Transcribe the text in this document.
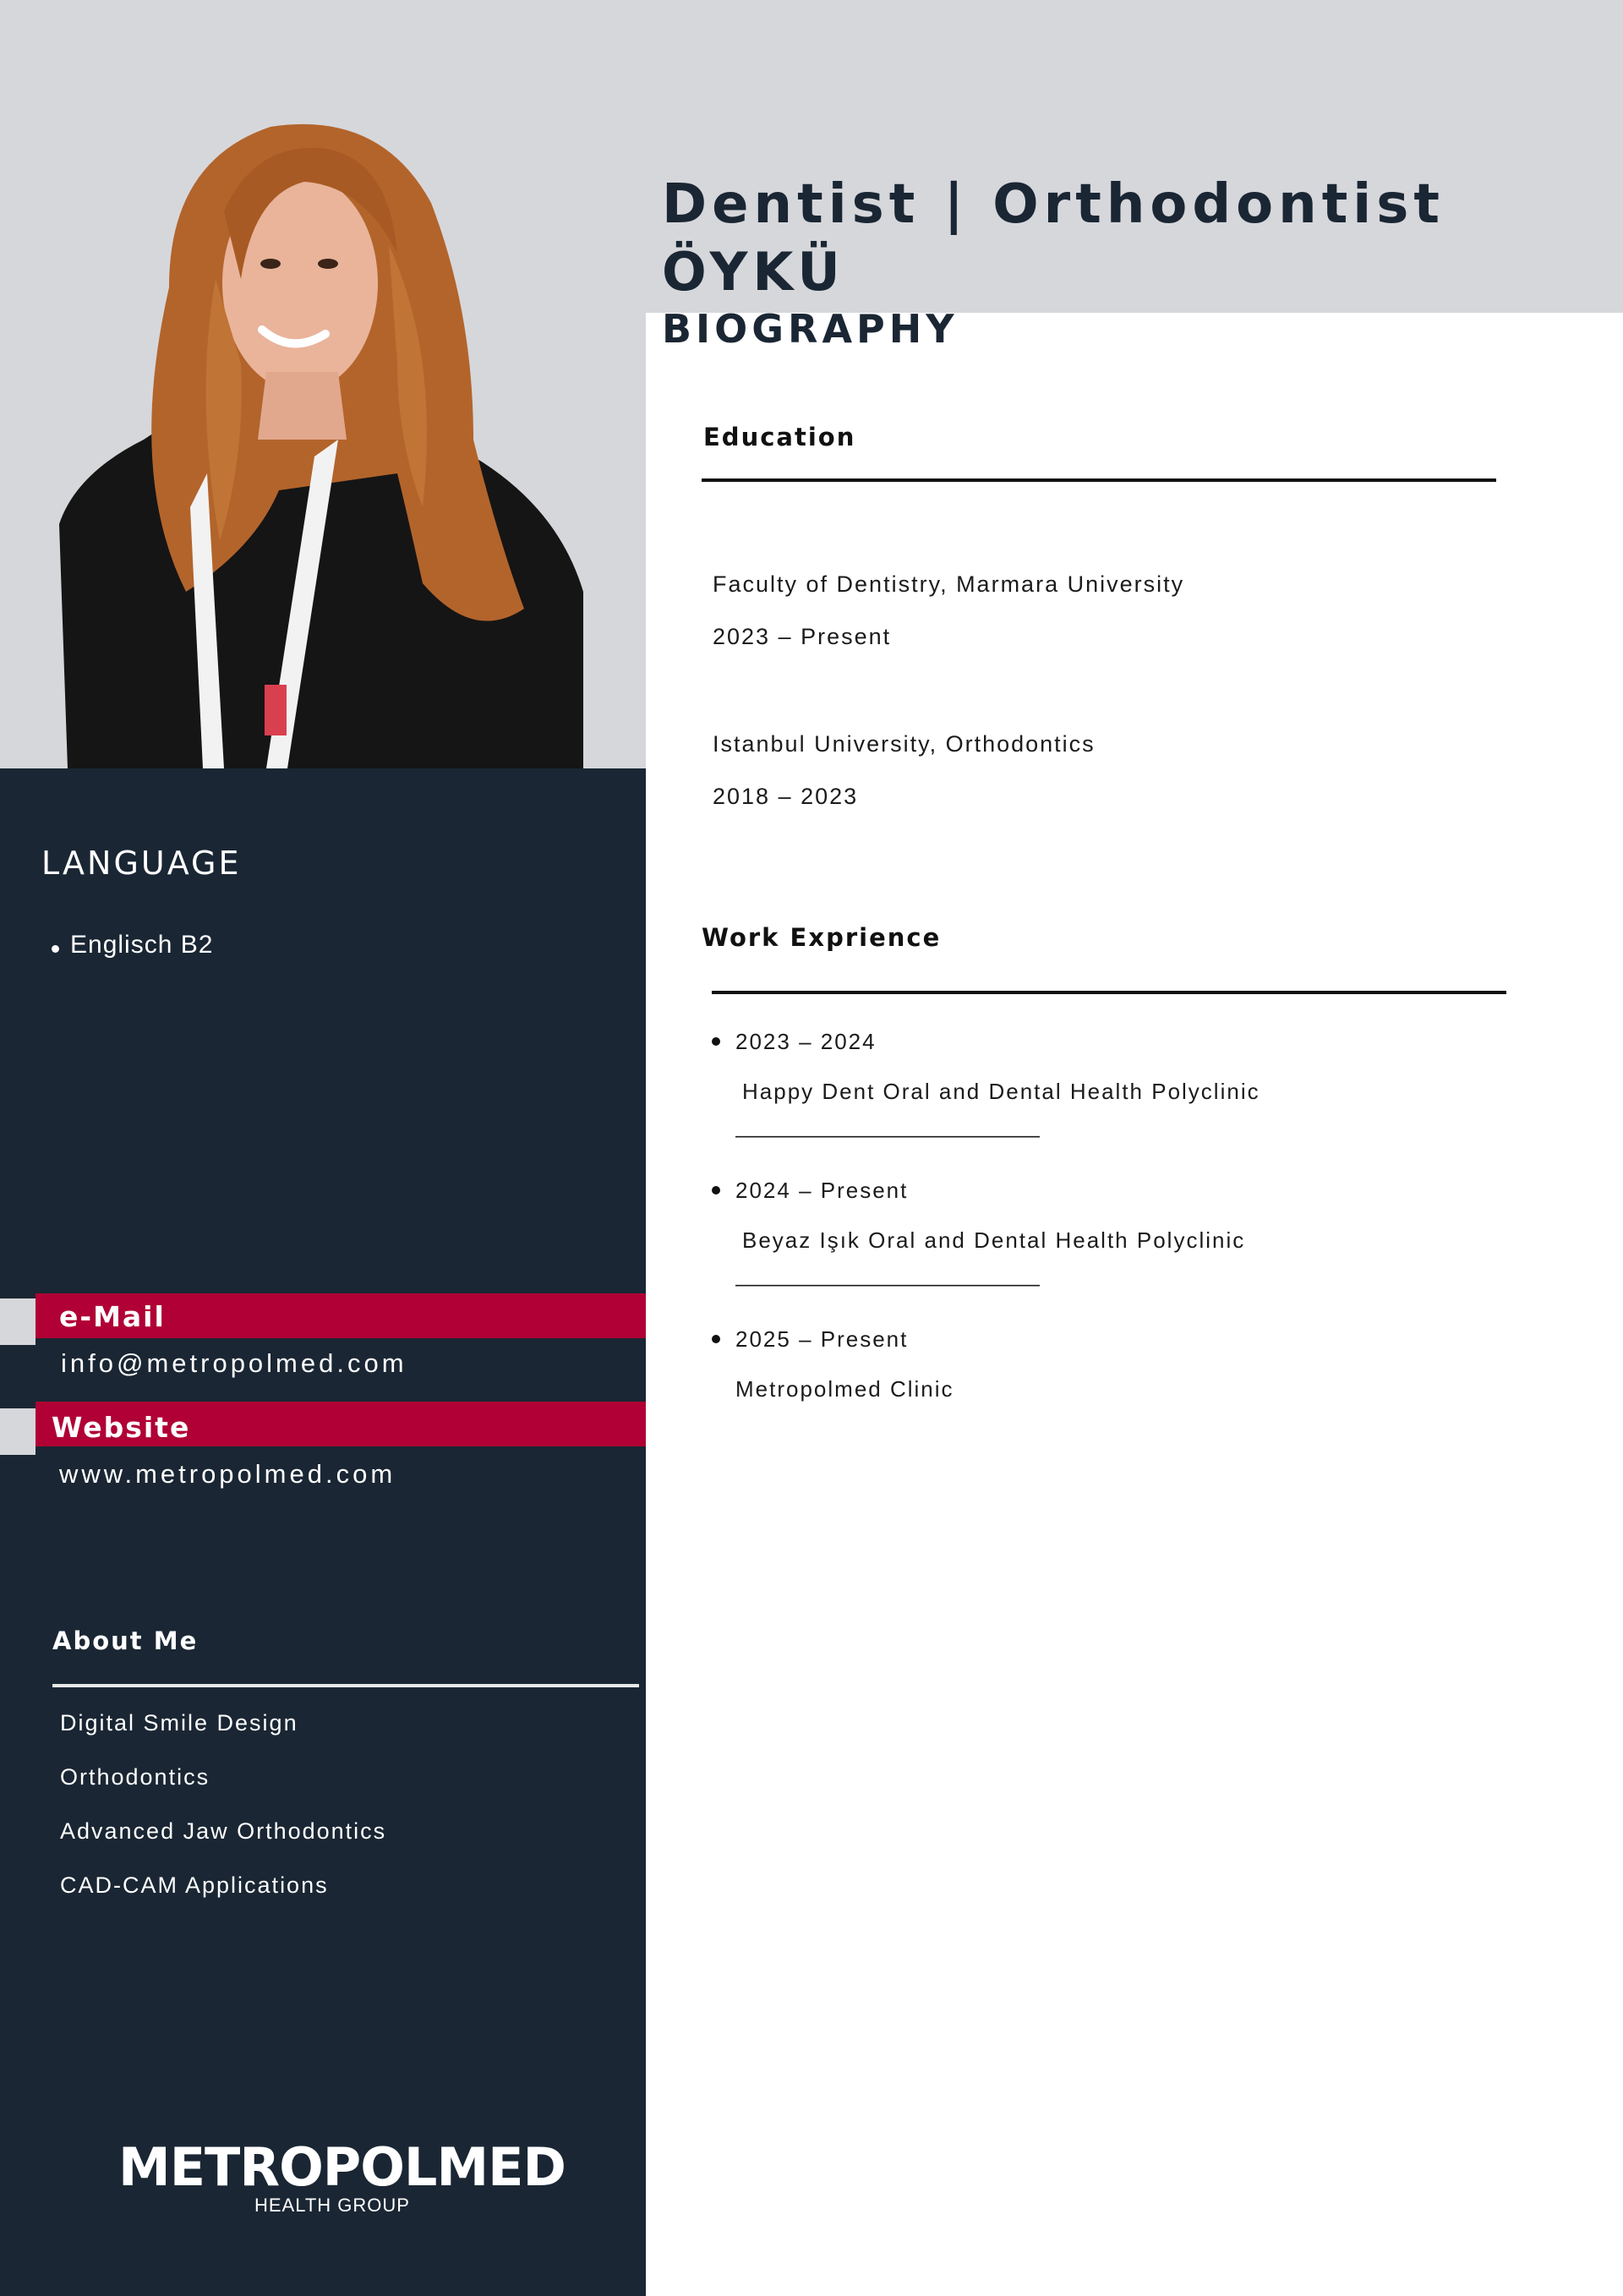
Dentist | Orthodontist
ÖYKÜ
BIOGRAPHY
Education
Faculty of Dentistry, Marmara University
2023 – Present
Istanbul University, Orthodontics
2018 – 2023
Work Exprience
2023 – 2024
Happy Dent Oral and Dental Health Polyclinic
———————————————
2024 – Present
Beyaz Işık Oral and Dental Health Polyclinic
———————————————
2025 – Present
Metropolmed Clinic
LANGUAGE
Englisch B2
e-Mail
info@metropolmed.com
Website
www.metropolmed.com
About Me
Digital Smile Design
Orthodontics
Advanced Jaw Orthodontics
CAD-CAM Applications
METROPOLMED
HEALTH GROUP
